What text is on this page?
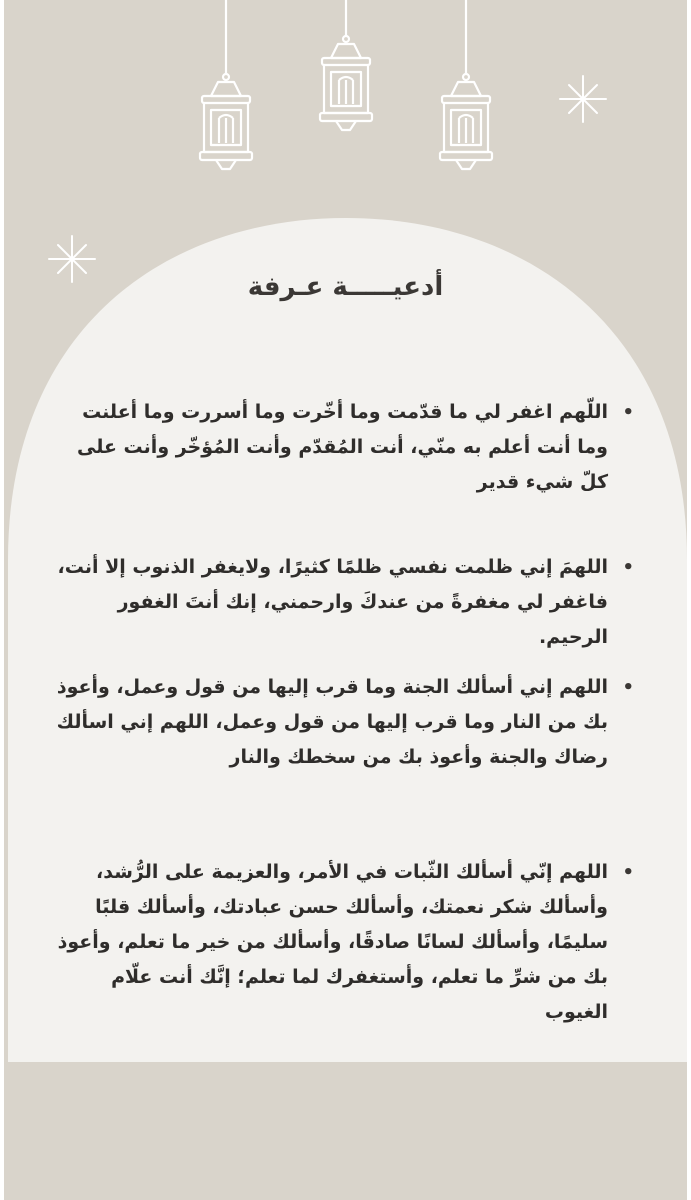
أدعيـــــة عـرفة
•
اللّهم اغفر لي ما قدّمت وما أخّرت وما أسررت وما أعلنت وما أنت أعلم به منّي، أنت المُقدّم وأنت المُؤخّر وأنت على كلّ شيء قدير
•
اللهمَ إني ظلمت نفسي ظلمًا كثيرًا، ولايغفر الذنوب إلا أنت، فاغفر لي مغفرةً من عندكَ وارحمني، إنك أنتَ الغفور الرحيم.
•
اللهم إني أسألك الجنة وما قرب إليها من قول وعمل، وأعوذ بك من النار وما قرب إليها من قول وعمل، اللهم إني اسألك رضاك والجنة وأعوذ بك من سخطك والنار
•
اللهم إنّي أسألك الثّبات في الأمر، والعزيمة على الرُّشد، وأسألك شكر نعمتك، وأسألك حسن عبادتك، وأسألك قلبًا سليمًا، وأسألك لسانًا صادقًا، وأسألك من خير ما تعلم، وأعوذ بك من شرِّ ما تعلم، وأستغفرك لما تعلم؛ إنَّك أنت علّام الغيوب
